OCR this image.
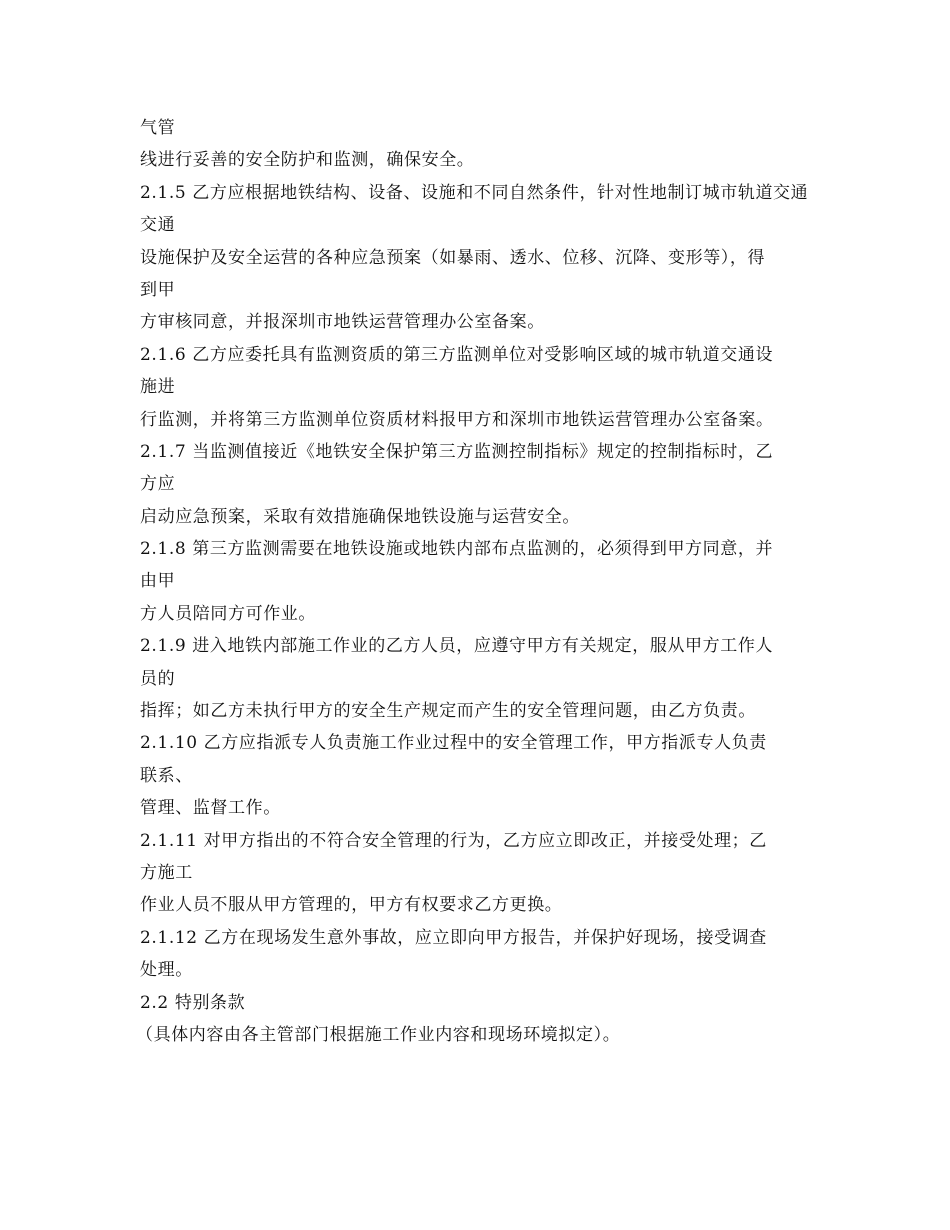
气管
线进行妥善的安全防护和监测，确保安全。
2.1.5 乙方应根据地铁结构、设备、设施和不同自然条件，针对性地制订城市轨道交通
交通
设施保护及安全运营的各种应急预案（如暴雨、透水、位移、沉降、变形等），得
到甲
方审核同意，并报深圳市地铁运营管理办公室备案。
2.1.6 乙方应委托具有监测资质的第三方监测单位对受影响区域的城市轨道交通设
施进
行监测，并将第三方监测单位资质材料报甲方和深圳市地铁运营管理办公室备案。
2.1.7 当监测值接近《地铁安全保护第三方监测控制指标》规定的控制指标时，乙
方应
启动应急预案，采取有效措施确保地铁设施与运营安全。
2.1.8 第三方监测需要在地铁设施或地铁内部布点监测的，必须得到甲方同意，并
由甲
方人员陪同方可作业。
2.1.9 进入地铁内部施工作业的乙方人员，应遵守甲方有关规定，服从甲方工作人
员的
指挥；如乙方未执行甲方的安全生产规定而产生的安全管理问题，由乙方负责。
2.1.10 乙方应指派专人负责施工作业过程中的安全管理工作，甲方指派专人负责
联系、
管理、监督工作。
2.1.11 对甲方指出的不符合安全管理的行为，乙方应立即改正，并接受处理；乙
方施工
作业人员不服从甲方管理的，甲方有权要求乙方更换。
2.1.12 乙方在现场发生意外事故，应立即向甲方报告，并保护好现场，接受调查
处理。
2.2 特别条款
（具体内容由各主管部门根据施工作业内容和现场环境拟定）。
